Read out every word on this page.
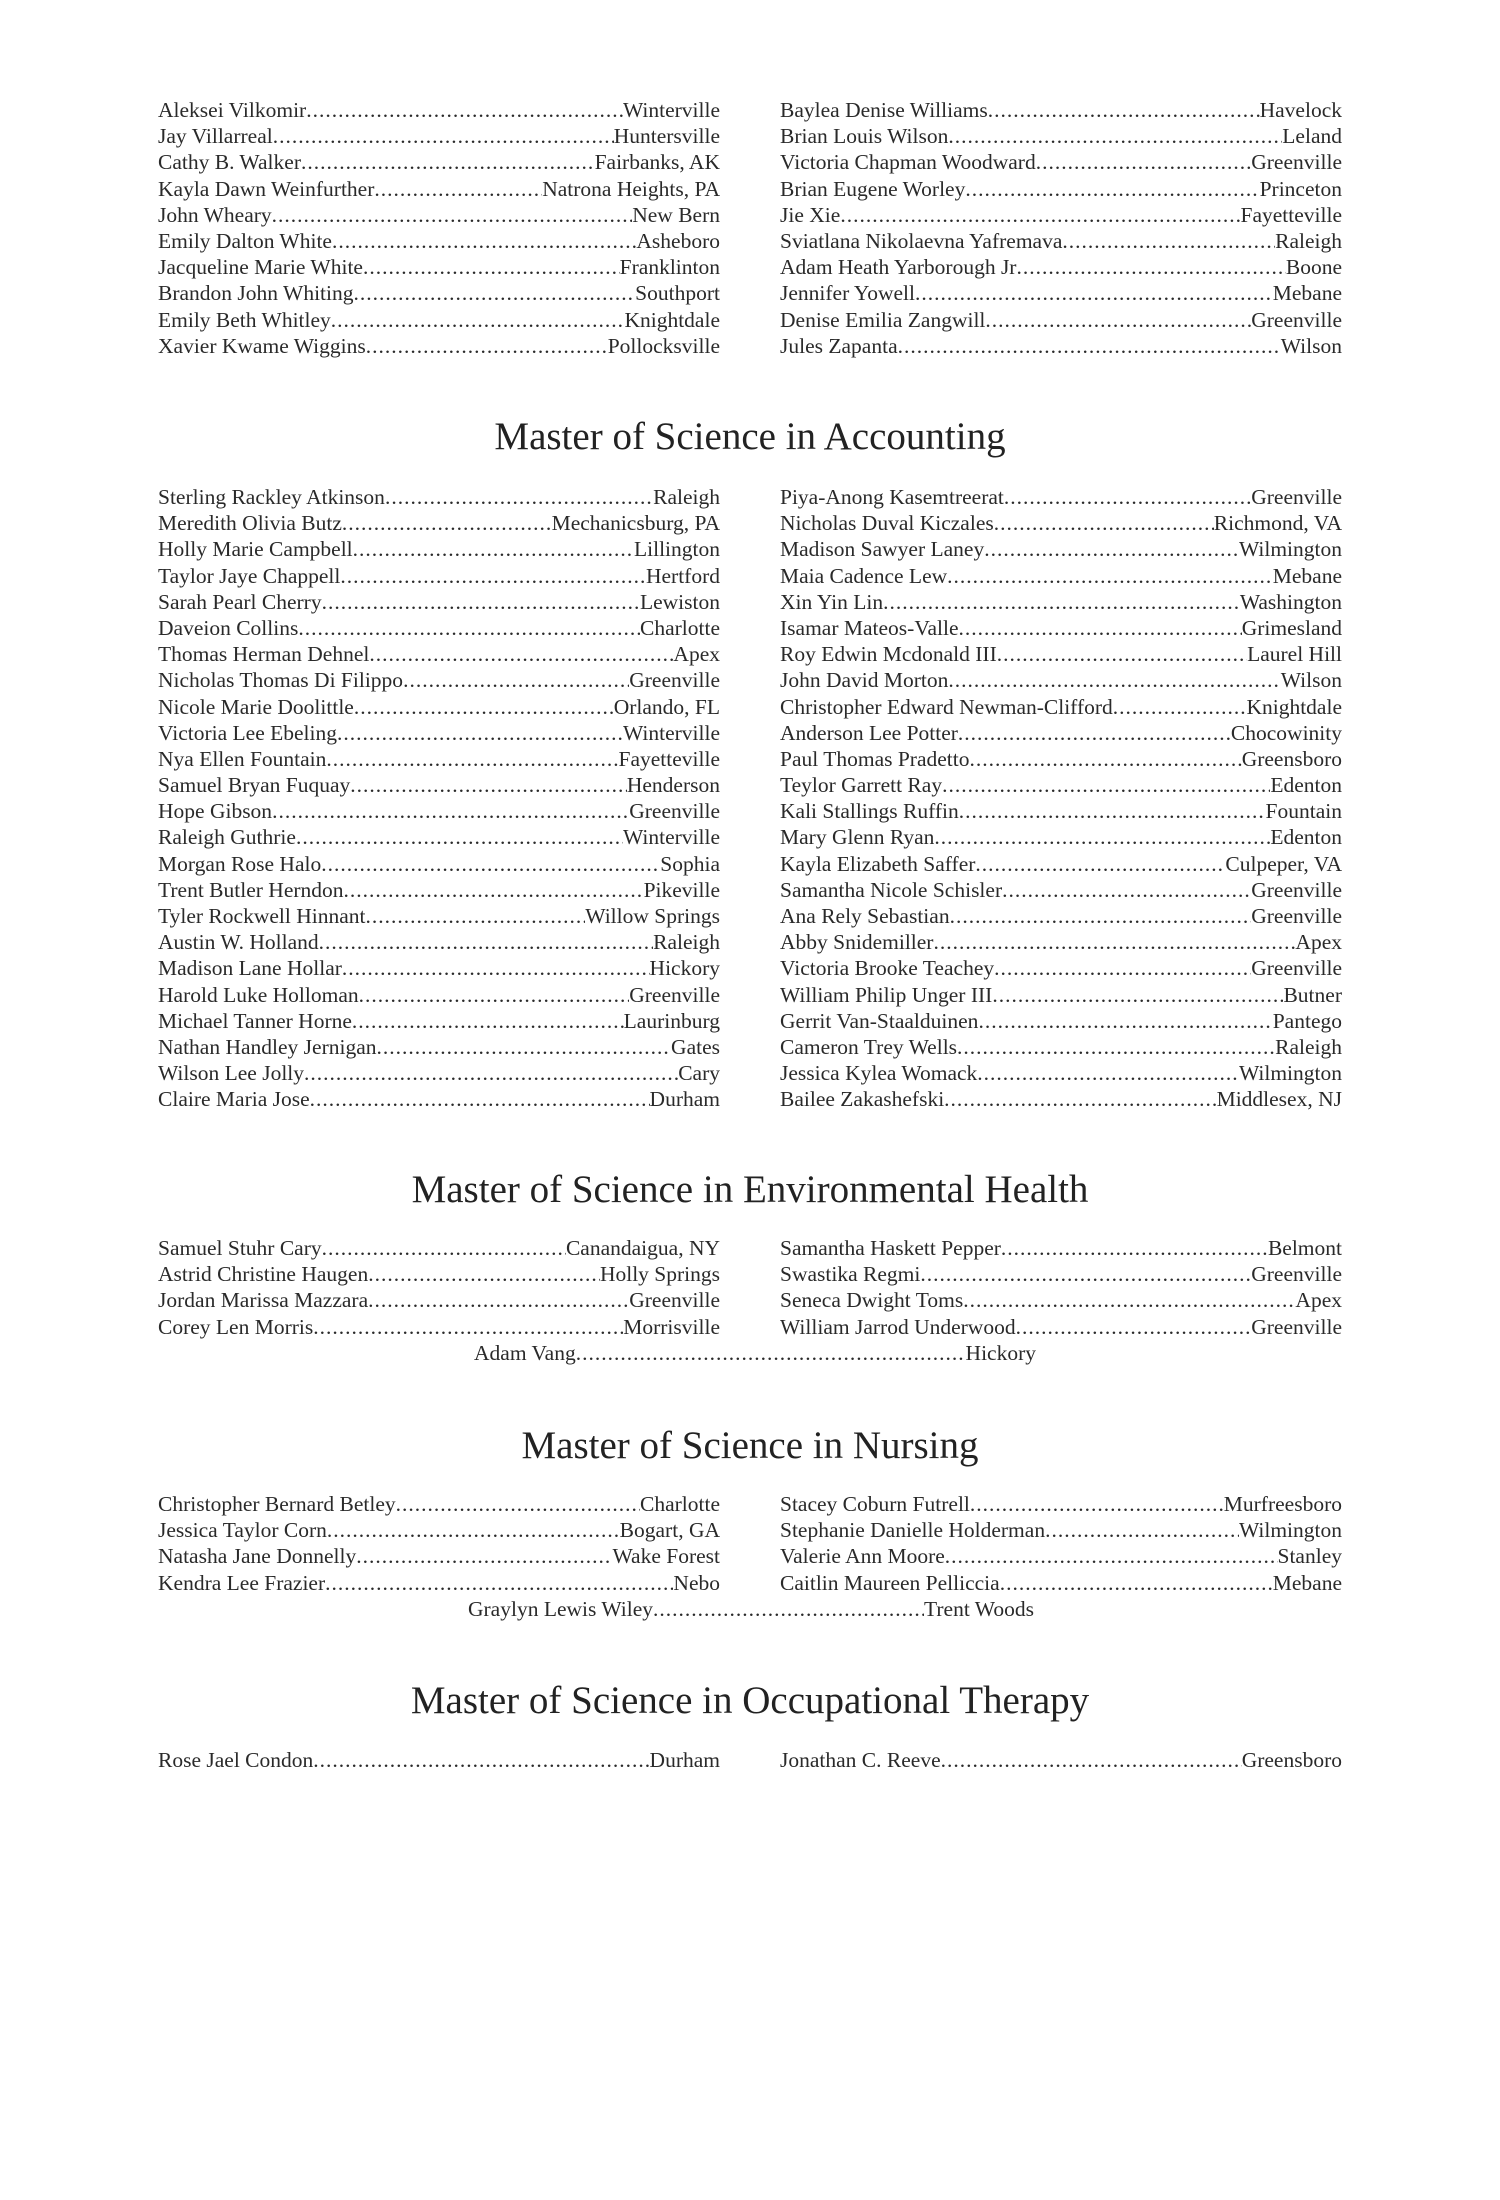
Aleksei Vilkomir .....	Winterville
Jay Villarreal .....	Huntersville
Cathy B. Walker .....	Fairbanks, AK
Kayla Dawn Weinfurther .....	Natrona Heights, PA
John Wheary .....	New Bern
Emily Dalton White .....	Asheboro
Jacqueline Marie White .....	Franklinton
Brandon John Whiting .....	Southport
Emily Beth Whitley .....	Knightdale
Xavier Kwame Wiggins .....	Pollocksville
Baylea Denise Williams .....	Havelock
Brian Louis Wilson .....	Leland
Victoria Chapman Woodward .....	Greenville
Brian Eugene Worley .....	Princeton
Jie Xie .....	Fayetteville
Sviatlana Nikolaevna Yafremava .....	Raleigh
Adam Heath Yarborough Jr .....	Boone
Jennifer Yowell .....	Mebane
Denise Emilia Zangwill .....	Greenville
Jules Zapanta .....	Wilson
Master of Science in Accounting
Sterling Rackley Atkinson .....	Raleigh
Meredith Olivia Butz .....	Mechanicsburg, PA
Holly Marie Campbell .....	Lillington
Taylor Jaye Chappell .....	Hertford
Sarah Pearl Cherry .....	Lewiston
Daveion Collins .....	Charlotte
Thomas Herman Dehnel .....	Apex
Nicholas Thomas Di Filippo .....	Greenville
Nicole Marie Doolittle .....	Orlando, FL
Victoria Lee Ebeling .....	Winterville
Nya Ellen Fountain .....	Fayetteville
Samuel Bryan Fuquay .....	Henderson
Hope Gibson .....	Greenville
Raleigh Guthrie .....	Winterville
Morgan Rose Halo .....	Sophia
Trent Butler Herndon .....	Pikeville
Tyler Rockwell Hinnant .....	Willow Springs
Austin W. Holland .....	Raleigh
Madison Lane Hollar .....	Hickory
Harold Luke Holloman .....	Greenville
Michael Tanner Horne .....	Laurinburg
Nathan Handley Jernigan .....	Gates
Wilson Lee Jolly .....	Cary
Claire Maria Jose .....	Durham
Piya-Anong Kasemtreerat .....	Greenville
Nicholas Duval Kiczales .....	Richmond, VA
Madison Sawyer Laney .....	Wilmington
Maia Cadence Lew .....	Mebane
Xin Yin Lin .....	Washington
Isamar Mateos-Valle .....	Grimesland
Roy Edwin Mcdonald III .....	Laurel Hill
John David Morton .....	Wilson
Christopher Edward Newman-Clifford .....	Knightdale
Anderson Lee Potter .....	Chocowinity
Paul Thomas Pradetto .....	Greensboro
Teylor Garrett Ray .....	Edenton
Kali Stallings Ruffin .....	Fountain
Mary Glenn Ryan .....	Edenton
Kayla Elizabeth Saffer .....	Culpeper, VA
Samantha Nicole Schisler .....	Greenville
Ana Rely Sebastian .....	Greenville
Abby Snidemiller .....	Apex
Victoria Brooke Teachey .....	Greenville
William Philip Unger III .....	Butner
Gerrit Van-Staalduinen .....	Pantego
Cameron Trey Wells .....	Raleigh
Jessica Kylea Womack .....	Wilmington
Bailee Zakashefski .....	Middlesex, NJ
Master of Science in Environmental Health
Samuel Stuhr Cary .....	Canandaigua, NY
Astrid Christine Haugen .....	Holly Springs
Jordan Marissa Mazzara .....	Greenville
Corey Len Morris .....	Morrisville
Samantha Haskett Pepper .....	Belmont
Swastika Regmi .....	Greenville
Seneca Dwight Toms .....	Apex
William Jarrod Underwood .....	Greenville
Adam Vang .....	Hickory
Master of Science in Nursing
Christopher Bernard Betley .....	Charlotte
Jessica Taylor Corn .....	Bogart, GA
Natasha Jane Donnelly .....	Wake Forest
Kendra Lee Frazier .....	Nebo
Stacey Coburn Futrell .....	Murfreesboro
Stephanie Danielle Holderman .....	Wilmington
Valerie Ann Moore .....	Stanley
Caitlin Maureen Pelliccia .....	Mebane
Graylyn Lewis Wiley .....	Trent Woods
Master of Science in Occupational Therapy
Rose Jael Condon .....	Durham	Jonathan C. Reeve .....	Greensboro
